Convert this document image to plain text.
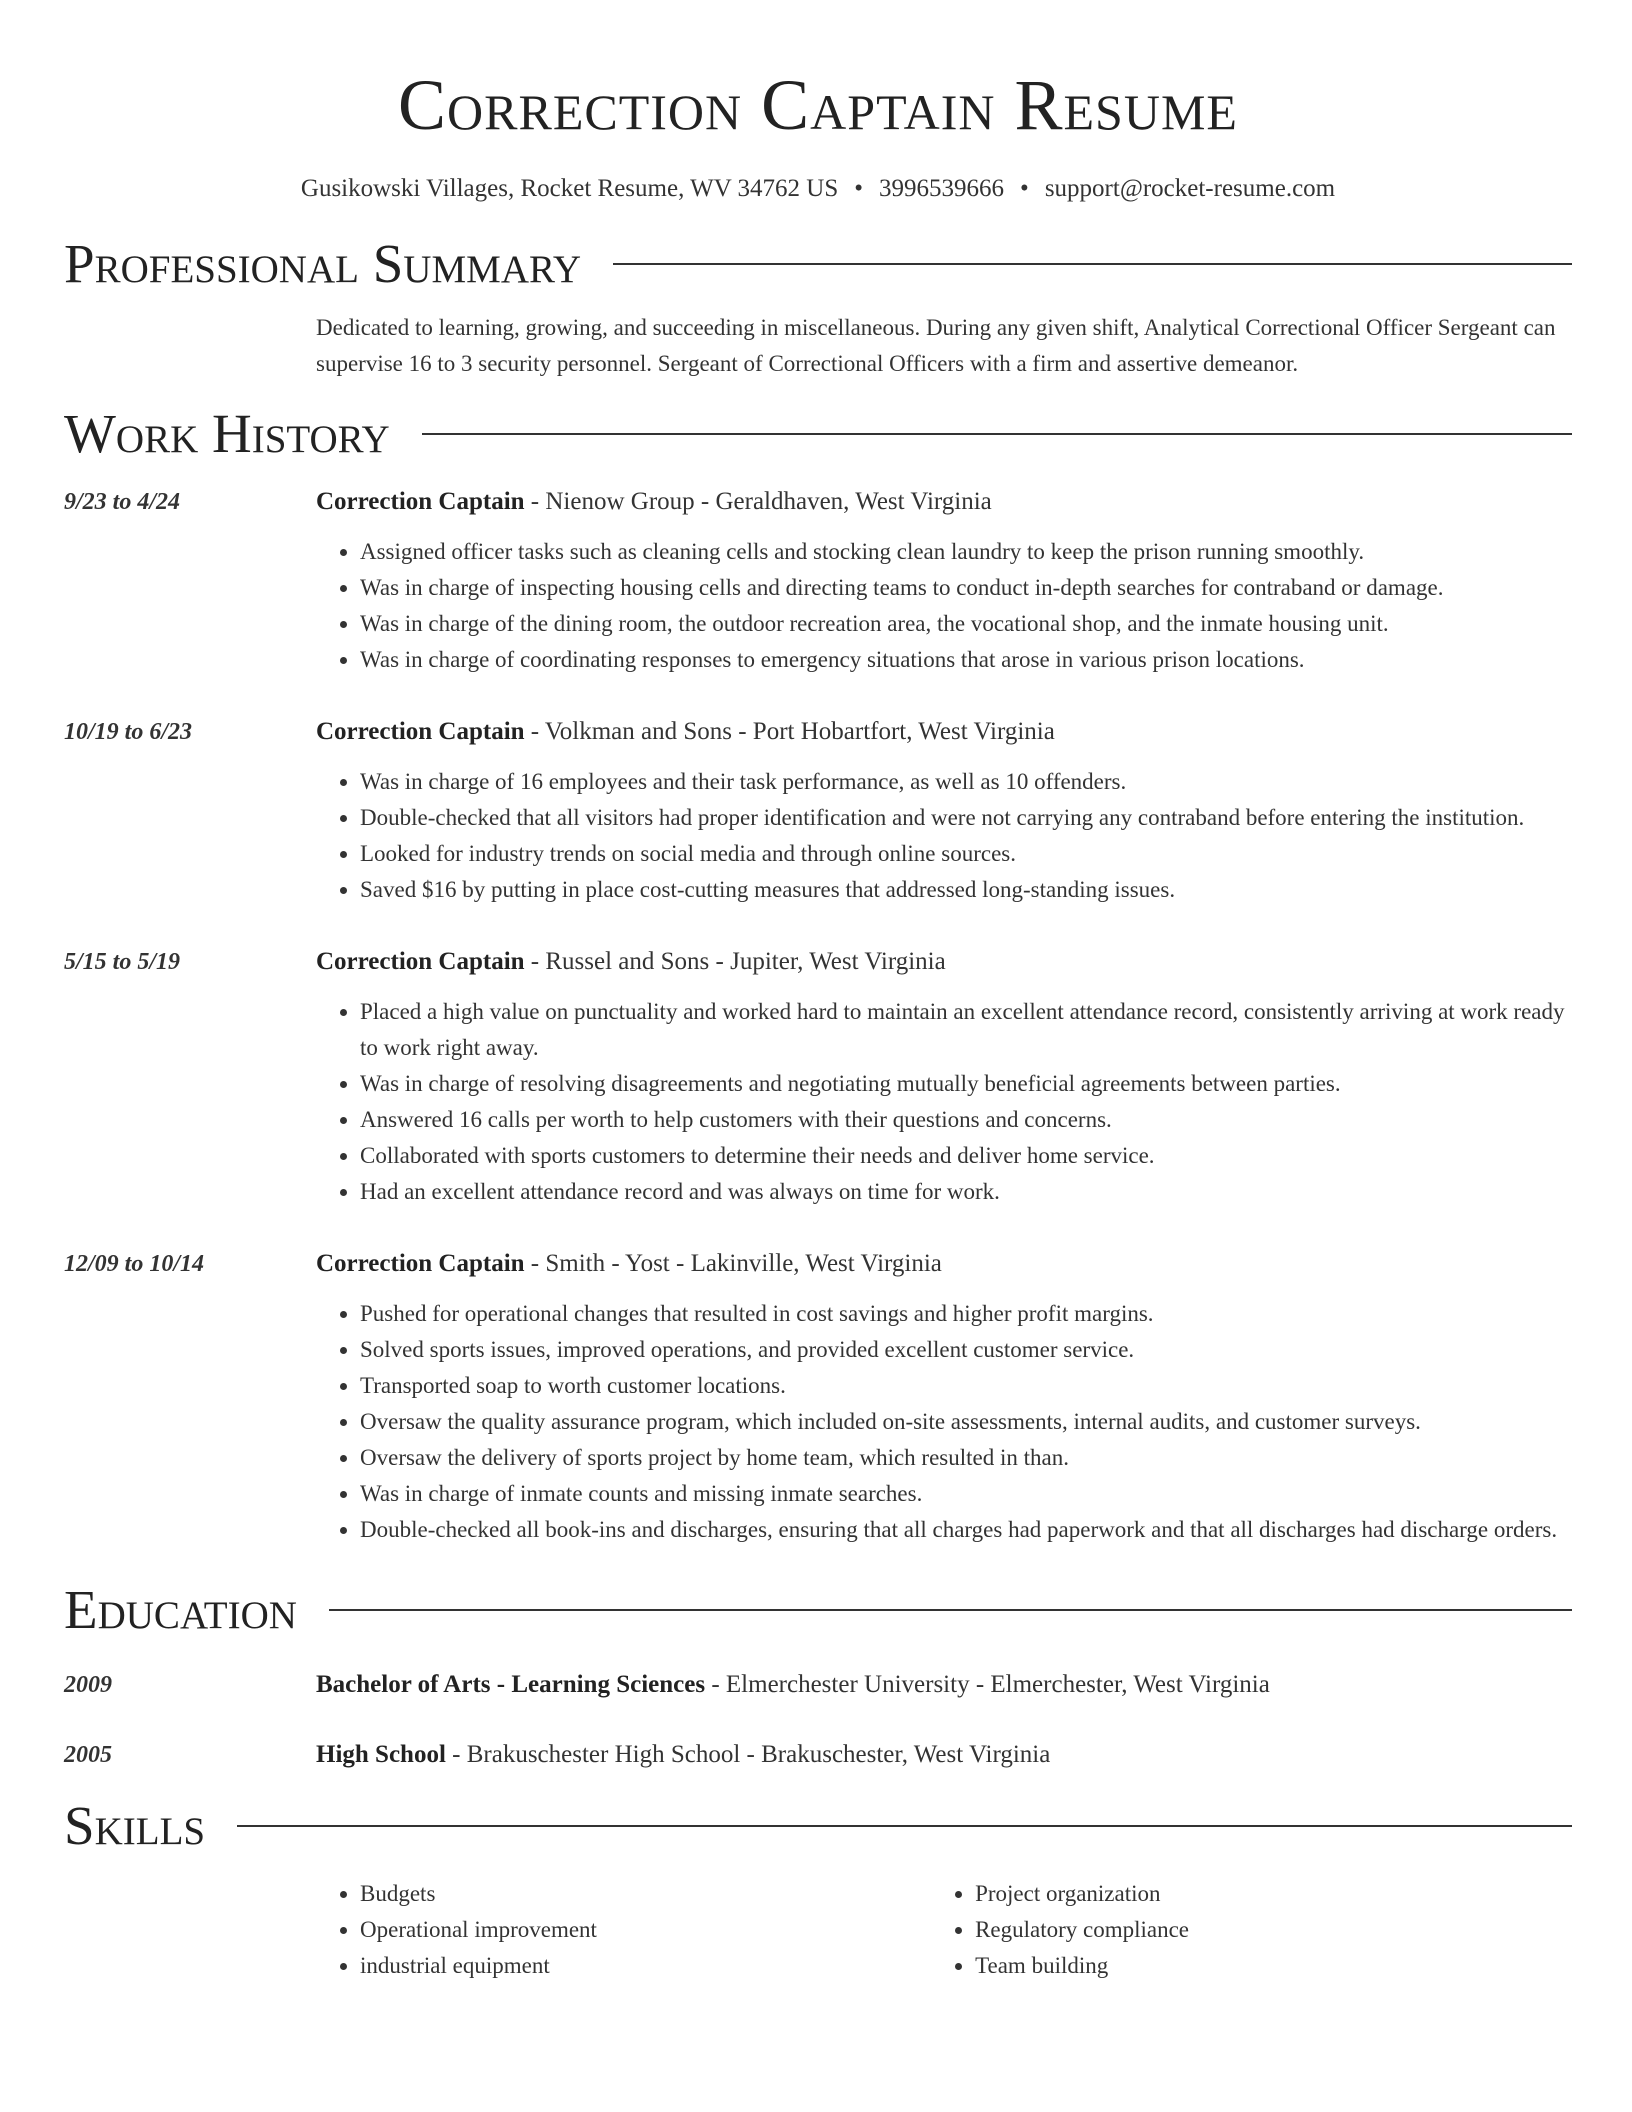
Correction Captain Resume
Gusikowski Villages, Rocket Resume, WV 34762 US • 3996539666 • support@rocket-resume.com
Professional Summary
Dedicated to learning, growing, and succeeding in miscellaneous. During any given shift, Analytical Correctional Officer Sergeant can supervise 16 to 3 security personnel. Sergeant of Correctional Officers with a firm and assertive demeanor.
Work History
9/23 to 4/24	Correction Captain - Nienow Group - Geraldhaven, West Virginia
• Assigned officer tasks such as cleaning cells and stocking clean laundry to keep the prison running smoothly.
• Was in charge of inspecting housing cells and directing teams to conduct in-depth searches for contraband or damage.
• Was in charge of the dining room, the outdoor recreation area, the vocational shop, and the inmate housing unit.
• Was in charge of coordinating responses to emergency situations that arose in various prison locations.
10/19 to 6/23	Correction Captain - Volkman and Sons - Port Hobartfort, West Virginia
• Was in charge of 16 employees and their task performance, as well as 10 offenders.
• Double-checked that all visitors had proper identification and were not carrying any contraband before entering the institution.
• Looked for industry trends on social media and through online sources.
• Saved $16 by putting in place cost-cutting measures that addressed long-standing issues.
5/15 to 5/19	Correction Captain - Russel and Sons - Jupiter, West Virginia
• Placed a high value on punctuality and worked hard to maintain an excellent attendance record, consistently arriving at work ready to work right away.
• Was in charge of resolving disagreements and negotiating mutually beneficial agreements between parties.
• Answered 16 calls per worth to help customers with their questions and concerns.
• Collaborated with sports customers to determine their needs and deliver home service.
• Had an excellent attendance record and was always on time for work.
12/09 to 10/14	Correction Captain - Smith - Yost - Lakinville, West Virginia
• Pushed for operational changes that resulted in cost savings and higher profit margins.
• Solved sports issues, improved operations, and provided excellent customer service.
• Transported soap to worth customer locations.
• Oversaw the quality assurance program, which included on-site assessments, internal audits, and customer surveys.
• Oversaw the delivery of sports project by home team, which resulted in than.
• Was in charge of inmate counts and missing inmate searches.
• Double-checked all book-ins and discharges, ensuring that all charges had paperwork and that all discharges had discharge orders.
Education
2009	Bachelor of Arts - Learning Sciences - Elmerchester University - Elmerchester, West Virginia
2005	High School - Brakuschester High School - Brakuschester, West Virginia
Skills
• Budgets
• Operational improvement
• industrial equipment
• Project organization
• Regulatory compliance
• Team building
